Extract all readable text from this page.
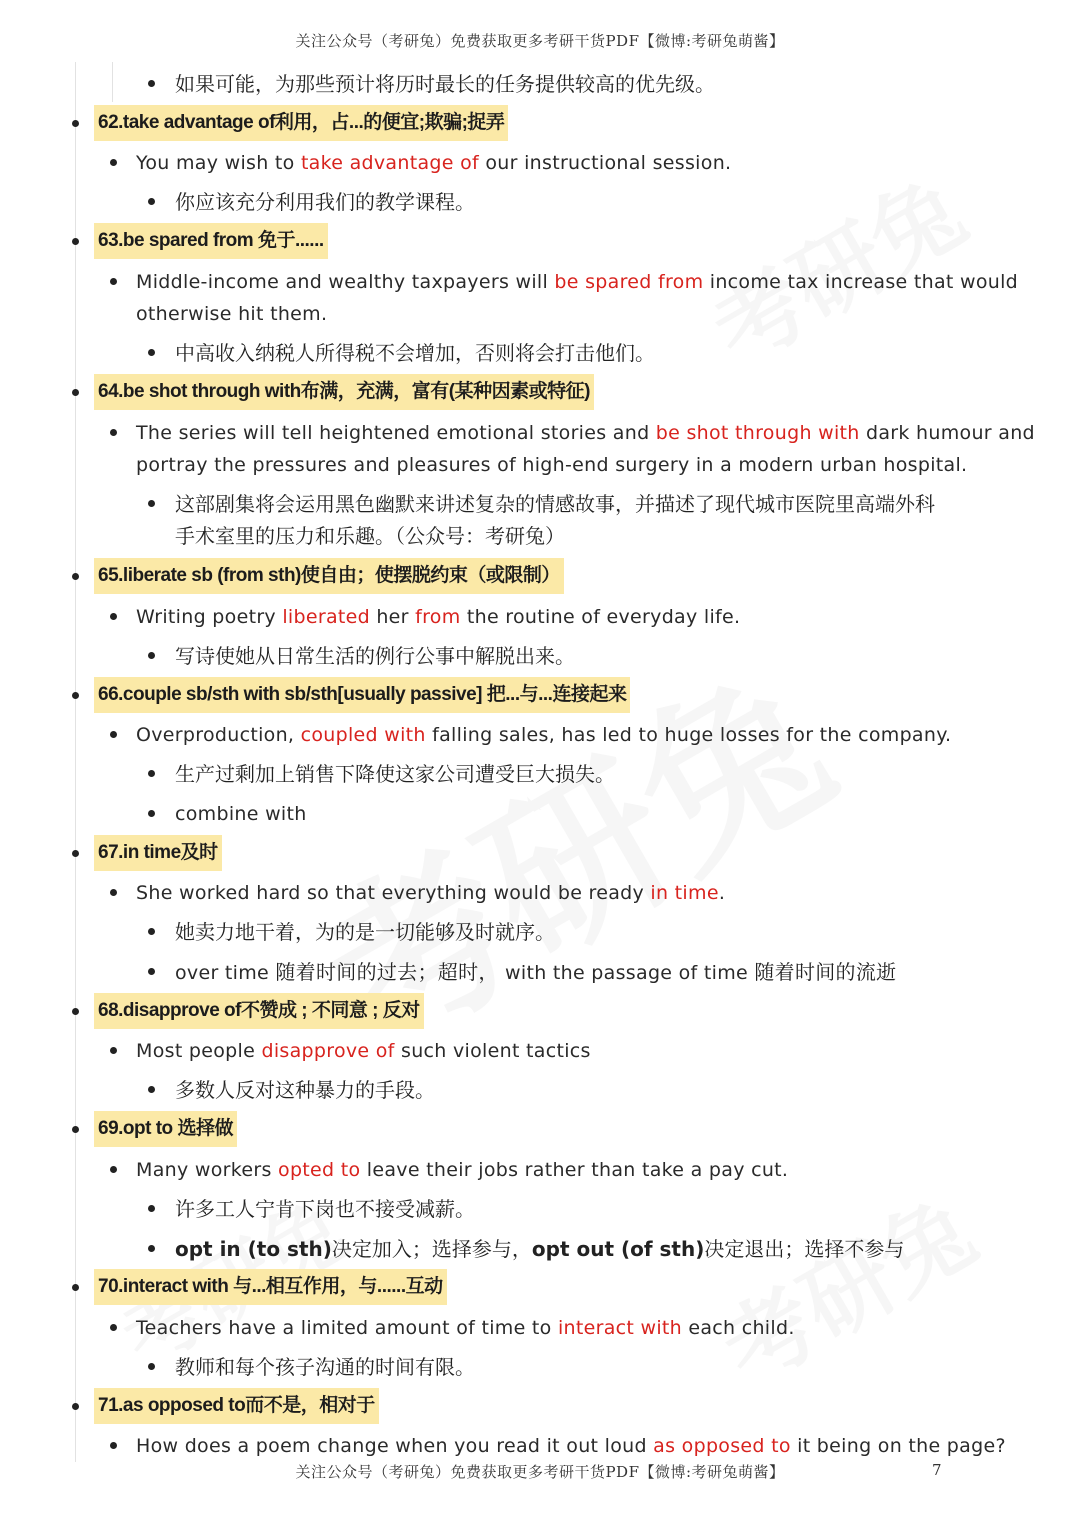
关注公众号（考研兔）免费获取更多考研干货PDF【微博:考研兔萌酱】
关注公众号（考研兔）免费获取更多考研干货PDF【微博:考研兔萌酱】	7
如果可能，为那些预计将历时最长的任务提供较高的优先级。
62.take advantage of利用，占...的便宜;欺骗;捉弄
You may wish to take advantage of our instructional session.
你应该充分利用我们的教学课程。
63.be spared from 免于......
Middle-income and wealthy taxpayers will be spared from income tax increase that would
otherwise hit them.
中高收入纳税人所得税不会增加，否则将会打击他们。
64.be shot through with布满，充满，富有(某种因素或特征)
The series will tell heightened emotional stories and be shot through with dark humour and
portray the pressures and pleasures of high-end surgery in a modern urban hospital.
这部剧集将会运用黑色幽默来讲述复杂的情感故事，并描述了现代城市医院里高端外科
手术室里的压力和乐趣。（公众号：考研兔）
65.liberate sb (from sth)使自由；使摆脱约束（或限制）
Writing poetry liberated her from the routine of everyday life.
写诗使她从日常生活的例行公事中解脱出来。
66.couple sb/sth with sb/sth[usually passive] 把...与...连接起来
Overproduction, coupled with falling sales, has led to huge losses for the company.
生产过剩加上销售下降使这家公司遭受巨大损失。
combine with
67.in time及时
She worked hard so that everything would be ready in time.
她卖力地干着，为的是一切能够及时就序。
over time 随着时间的过去；超时， with the passage of time 随着时间的流逝
68.disapprove of不赞成 ; 不同意 ; 反对
Most people disapprove of such violent tactics
多数人反对这种暴力的手段。
69.opt to 选择做
Many workers opted to leave their jobs rather than take a pay cut.
许多工人宁肯下岗也不接受减薪。
opt in (to sth)决定加入；选择参与，opt out (of sth)决定退出；选择不参与
70.interact with 与...相互作用，与......互动
Teachers have a limited amount of time to interact with each child.
教师和每个孩子沟通的时间有限。
71.as opposed to而不是，相对于
How does a poem change when you read it out loud as opposed to it being on the page?
